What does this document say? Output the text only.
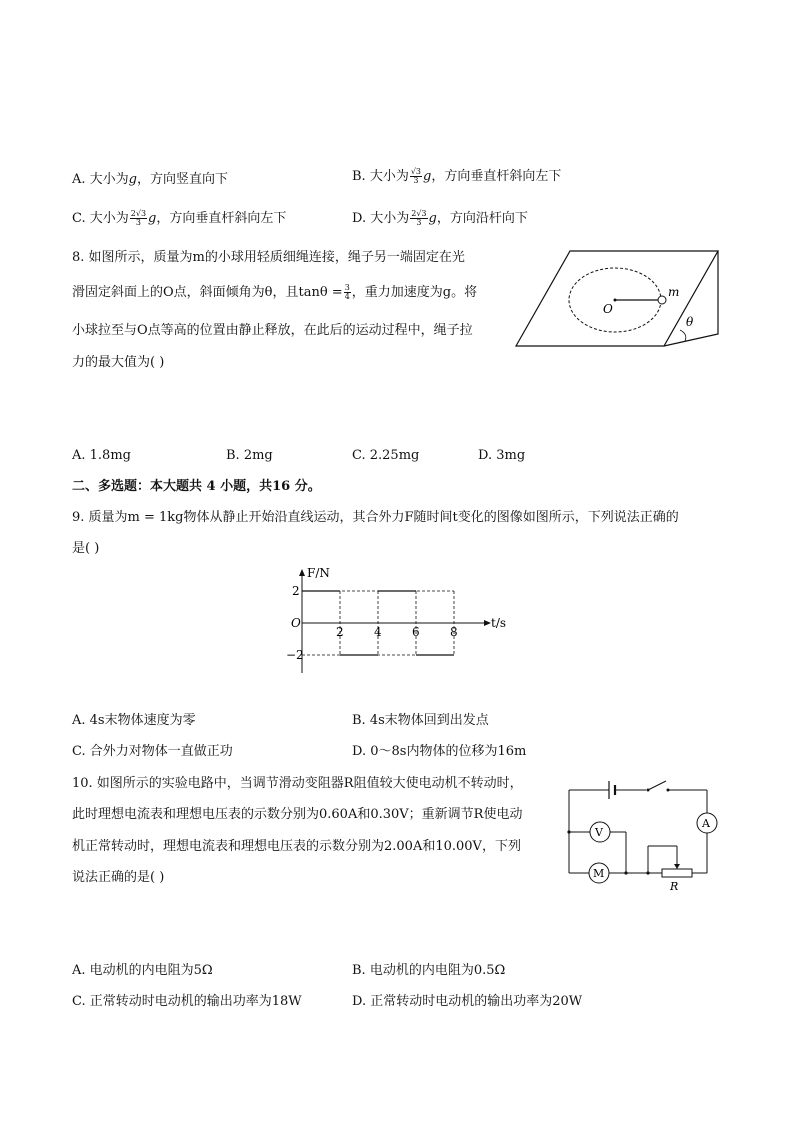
A. 大小为g，方向竖直向下	B. 大小为 $\frac{√3}{3}$ g，方向垂直杆斜向左下
C. 大小为 $\frac{2√3}{3}$ g，方向垂直杆斜向左下	D. 大小为 $\frac{2√3}{3}$ g，方向沿杆向下
8. 如图所示，质量为m的小球用轻质细绳连接，绳子另一端固定在光
滑固定斜面上的O点，斜面倾角为θ，且$\tan\theta = \frac{3}{4}$ ，重力加速度为g。将
小球拉至与O点等高的位置由静止释放，在此后的运动过程中，绳子拉
力的最大值为( )
O
m
θ
A. 1.8mg	B. 2mg	C. 2.25mg	D. 3mg
二、多选题：本大题共 4 小题，共16 分。
9. 质量为m = 1kg物体从静止开始沿直线运动，其合外力F随时间t变化的图像如图所示，下列说法正确的
是( )
2	4	6	8
2
−2
O	t/s
F/N
A. 4s末物体速度为零	B. 4s末物体回到出发点
C. 合外力对物体一直做正功	D. 0～8s内物体的位移为16m
10. 如图所示的实验电路中，当调节滑动变阻器R阻值较大使电动机不转动时，
此时理想电流表和理想电压表的示数分别为0.60A和0.30V；重新调节R使电动
机正常转动时，理想电流表和理想电压表的示数分别为2.00A和10.00V，下列
说法正确的是( )
V
M
R
A
A. 电动机的内电阻为5Ω	B. 电动机的内电阻为0.5Ω
C. 正常转动时电动机的输出功率为18W	D. 正常转动时电动机的输出功率为20W
